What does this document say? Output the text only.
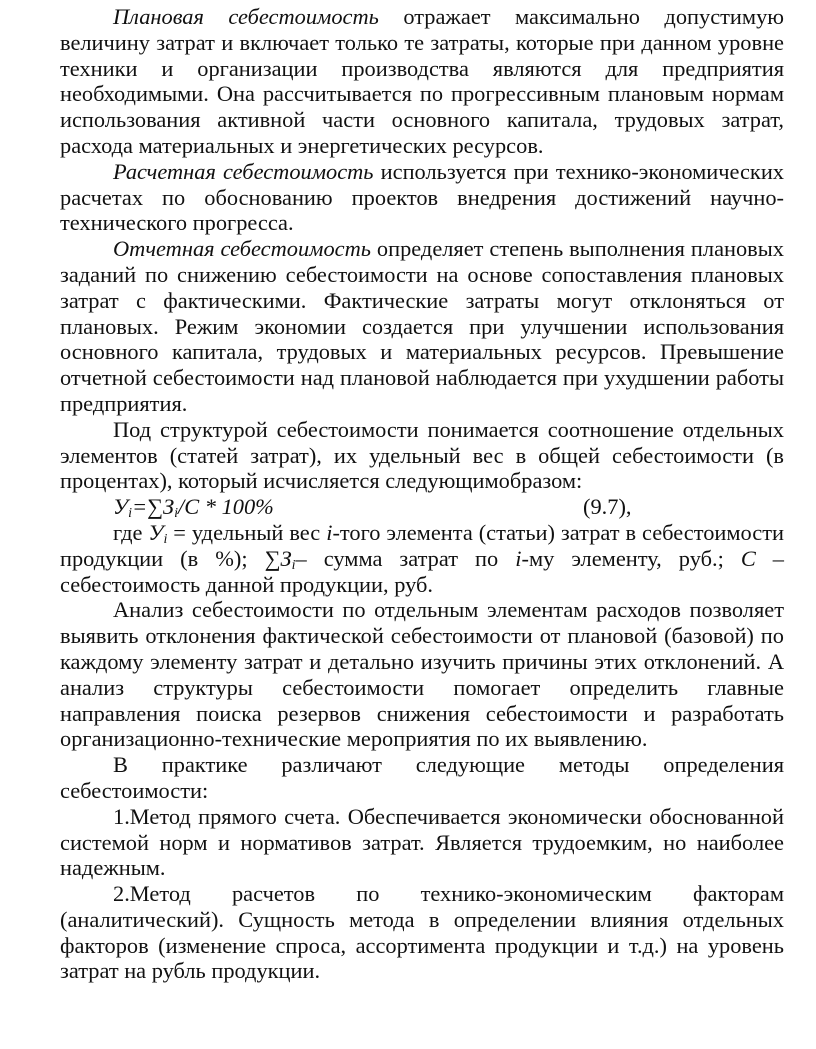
Плановая себестоимость отражает максимально допустимую величину затрат и включает только те затраты, которые при данном уровне техники и организации производства являются для предприятия необходимыми. Она рассчитывается по прогрессивным плановым нормам использования активной части основного капитала, трудовых затрат, расхода материальных и энергетических ресурсов.

Расчетная себестоимость используется при технико-экономических расчетах по обоснованию проектов внедрения достижений научно-технического прогресса.

Отчетная себестоимость определяет степень выполнения плановых заданий по снижению себестоимости на основе сопоставления плановых затрат с фактическими. Фактические затраты могут отклоняться от плановых. Режим экономии создается при улучшении использования основного капитала, трудовых и материальных ресурсов. Превышение отчетной себестоимости над плановой наблюдается при ухудшении работы предприятия.

Под структурой себестоимости понимается соотношение отдельных элементов (статей затрат), их удельный вес в общей себестоимости (в процентах), который исчисляется следующимобразом:

$У_i=\sum З_i/С * 100\%$	(9.7),

где $У_i$ = удельный вес i-того элемента (статьи) затрат в себестоимости продукции (в %); $\sum З_i-$ сумма затрат по i-му элементу, руб.; С – себестоимость данной продукции, руб.

Анализ себестоимости по отдельным элементам расходов позволяет выявить отклонения фактической себестоимости от плановой (базовой) по каждому элементу затрат и детально изучить причины этих отклонений. А анализ структуры себестоимости помогает определить главные направления поиска резервов снижения себестоимости и разработать организационно-технические мероприятия по их выявлению.

В практике различают следующие методы определения себестоимости:

1.Метод прямого счета. Обеспечивается экономически обоснованной системой норм и нормативов затрат. Является трудоемким, но наиболее надежным.

2.Метод расчетов по технико-экономическим факторам (аналитический). Сущность метода в определении влияния отдельных факторов (изменение спроса, ассортимента продукции и т.д.) на уровень затрат на рубль продукции.
